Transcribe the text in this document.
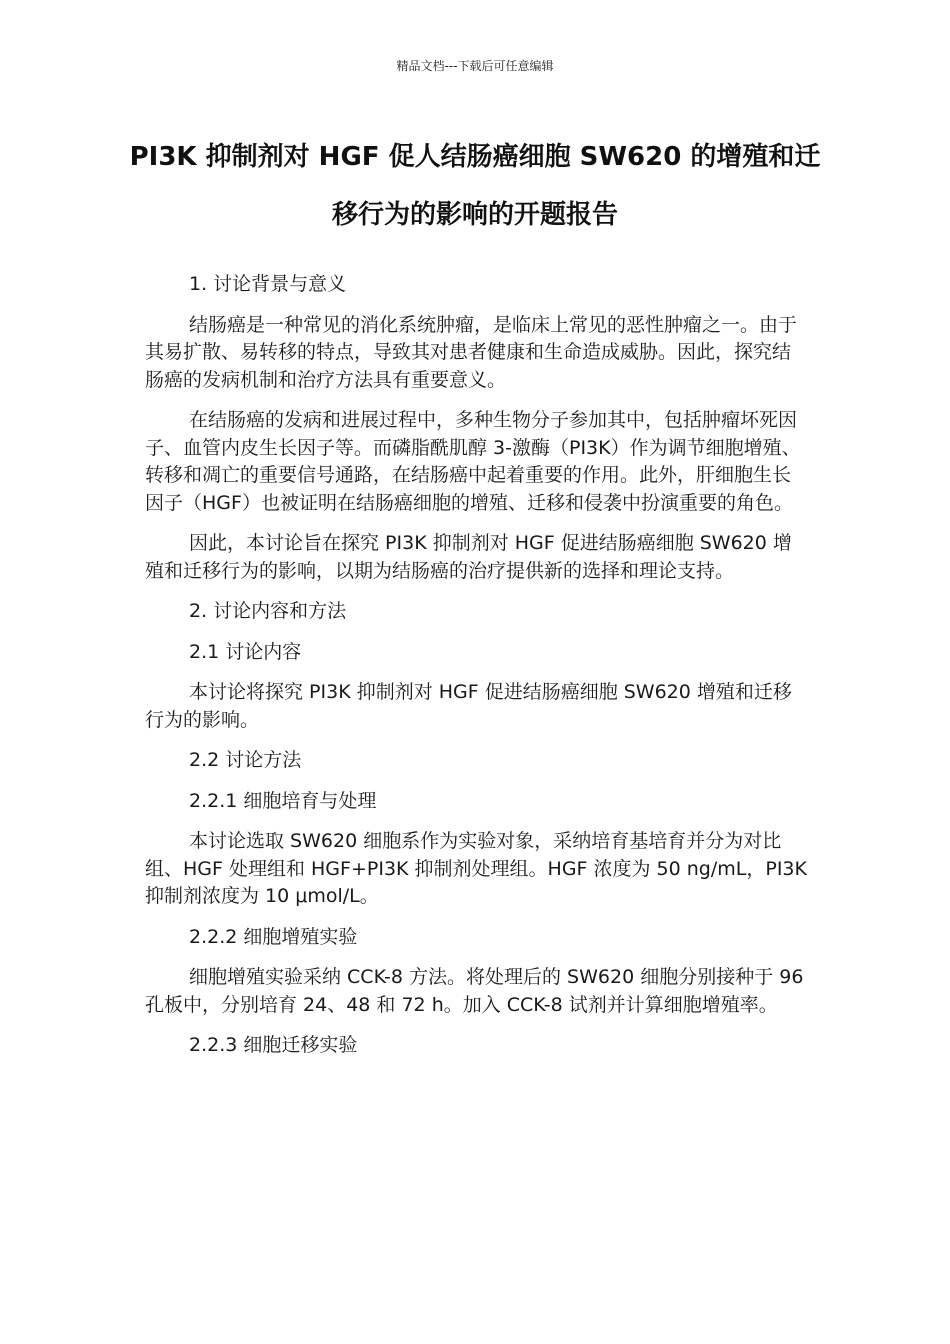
精品文档---下载后可任意编辑
PI3K 抑制剂对 HGF 促人结肠癌细胞 SW620 的增殖和迁移行为的影响的开题报告

1. 讨论背景与意义

结肠癌是一种常见的消化系统肿瘤，是临床上常见的恶性肿瘤之一。由于其易扩散、易转移的特点，导致其对患者健康和生命造成威胁。因此，探究结肠癌的发病机制和治疗方法具有重要意义。

在结肠癌的发病和进展过程中，多种生物分子参加其中，包括肿瘤坏死因子、血管内皮生长因子等。而磷脂酰肌醇 3-激酶（PI3K）作为调节细胞增殖、转移和凋亡的重要信号通路，在结肠癌中起着重要的作用。此外，肝细胞生长因子（HGF）也被证明在结肠癌细胞的增殖、迁移和侵袭中扮演重要的角色。

因此，本讨论旨在探究 PI3K 抑制剂对 HGF 促进结肠癌细胞 SW620 增殖和迁移行为的影响，以期为结肠癌的治疗提供新的选择和理论支持。

2. 讨论内容和方法

2.1 讨论内容

本讨论将探究 PI3K 抑制剂对 HGF 促进结肠癌细胞 SW620 增殖和迁移行为的影响。

2.2 讨论方法

2.2.1 细胞培育与处理

本讨论选取 SW620 细胞系作为实验对象，采纳培育基培育并分为对比组、HGF 处理组和 HGF+PI3K 抑制剂处理组。HGF 浓度为 50 ng/mL，PI3K 抑制剂浓度为 10 μmol/L。

2.2.2 细胞增殖实验

细胞增殖实验采纳 CCK-8 方法。将处理后的 SW620 细胞分别接种于 96 孔板中，分别培育 24、48 和 72 h。加入 CCK-8 试剂并计算细胞增殖率。

2.2.3 细胞迁移实验
